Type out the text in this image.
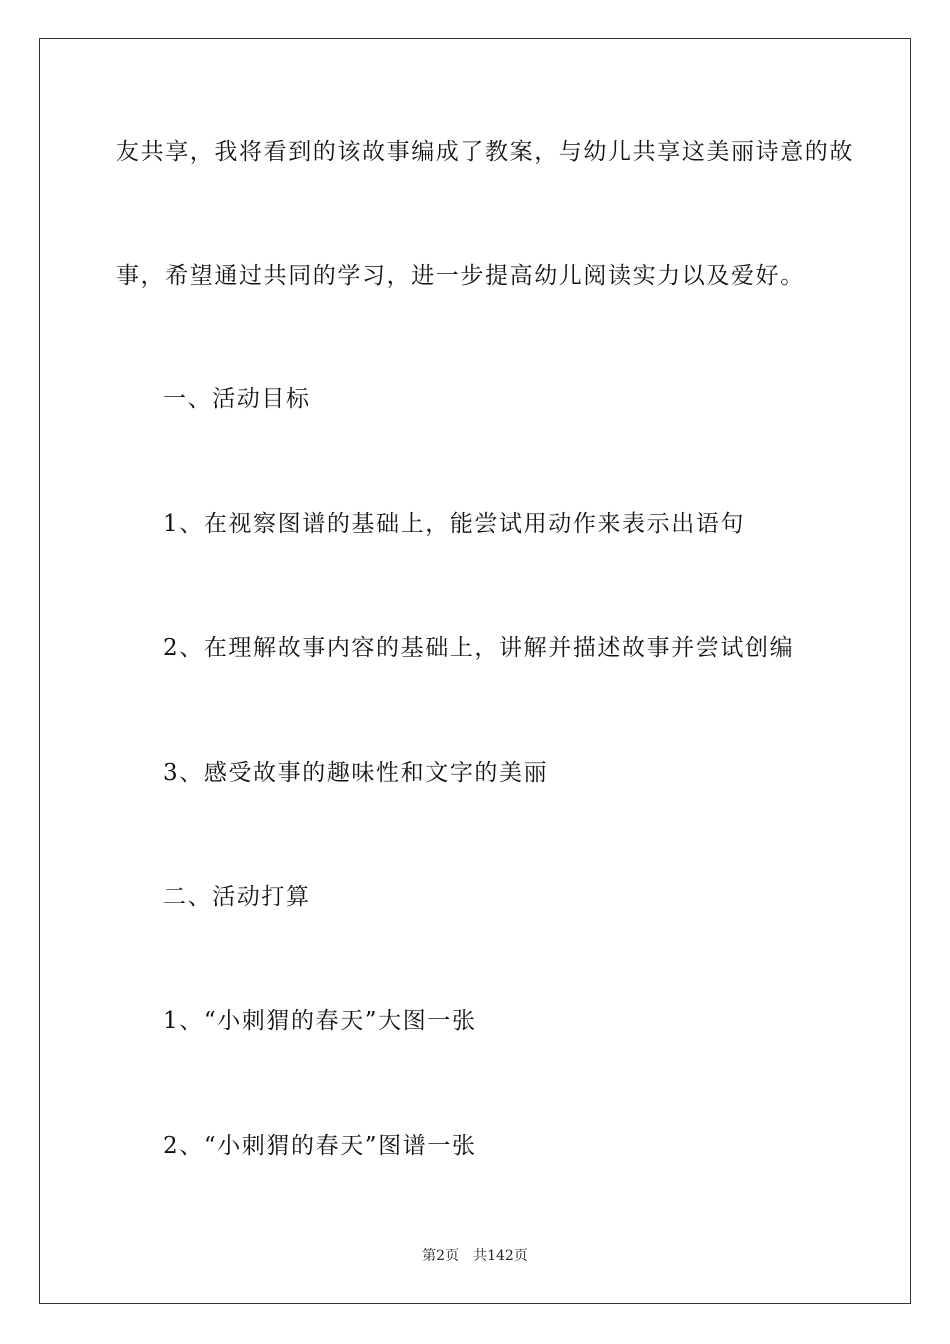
友共享，我将看到的该故事编成了教案，与幼儿共享这美丽诗意的故
事，希望通过共同的学习，进一步提高幼儿阅读实力以及爱好。
一、活动目标
1、在视察图谱的基础上，能尝试用动作来表示出语句
2、在理解故事内容的基础上，讲解并描述故事并尝试创编
3、感受故事的趣味性和文字的美丽
二、活动打算
1、“小刺猬的春天”大图一张
2、“小刺猬的春天”图谱一张
第2页 共142页
